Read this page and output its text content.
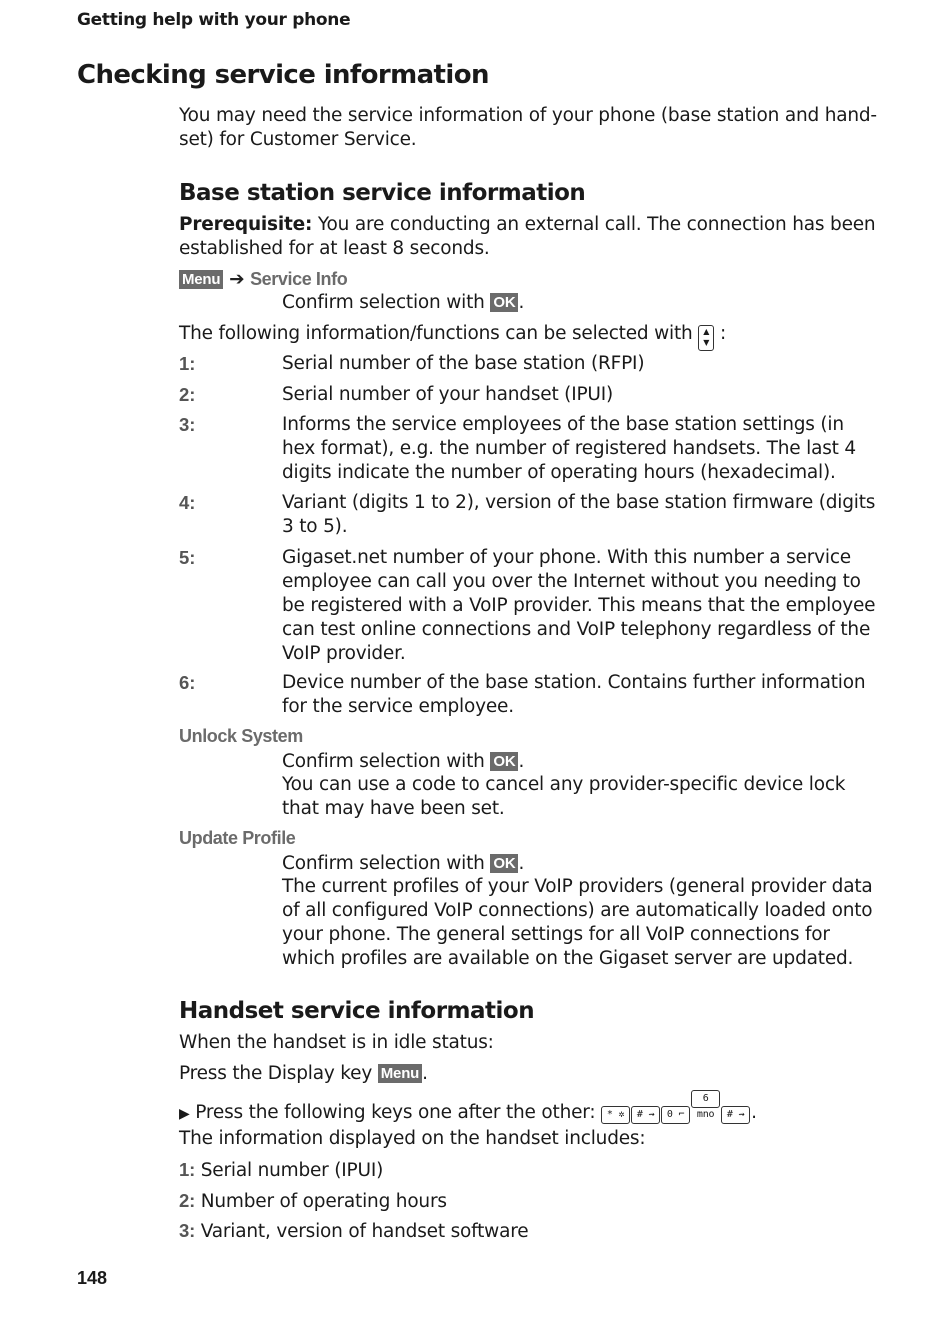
Getting help with your phone
Checking service information
You may need the service information of your phone (base station and hand-set) for Customer Service.
Base station service information
Prerequisite: You are conducting an external call. The connection has been established for at least 8 seconds.
Menu ➔ Service Info
Confirm selection with OK .
The following information/functions can be selected with ▲
▼ :
1:	Serial number of the base station (RFPI)
2:	Serial number of your handset (IPUI)
3:	Informs the service employees of the base station settings (in hex format), e.g. the number of registered handsets. The last 4 digits indicate the number of operating hours (hexadecimal).
4:	Variant (digits 1 to 2), version of the base station firmware (digits 3 to 5).
5:	Gigaset.net number of your phone. With this number a service employee can call you over the Internet without you needing to be registered with a VoIP provider. This means that the employee can test online connections and VoIP telephony regardless of the VoIP provider.
6:	Device number of the base station. Contains further information for the service employee.
Unlock System
Confirm selection with OK .
You can use a code to cancel any provider-specific device lock that may have been set.
Update Profile
Confirm selection with OK .
The current profiles of your VoIP providers (general provider data of all configured VoIP connections) are automatically loaded onto your phone. The general settings for all VoIP connections for which profiles are available on the Gigaset server are updated.
Handset service information
When the handset is in idle status:
Press the Display key Menu .
▶ Press the following keys one after the other: * ✲ # ⇝ 0 ⌐6 mno # ⇝ .
The information displayed on the handset includes:
1: Serial number (IPUI)
2: Number of operating hours
3: Variant, version of handset software
148
